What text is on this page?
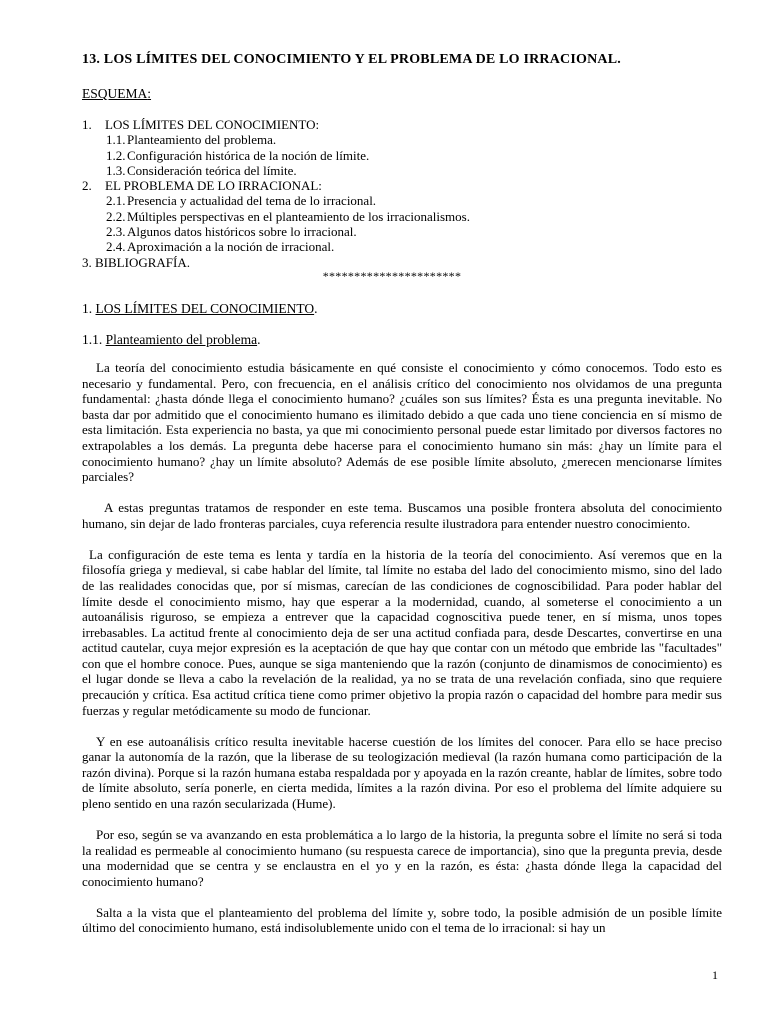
13. LOS LÍMITES DEL CONOCIMIENTO Y EL PROBLEMA DE LO IRRACIONAL.
ESQUEMA:
1. LOS LÍMITES DEL CONOCIMIENTO:
1.1. Planteamiento del problema.
1.2. Configuración histórica de la noción de límite.
1.3. Consideración teórica del límite.
2. EL PROBLEMA DE LO IRRACIONAL:
2.1. Presencia y actualidad del tema de lo irracional.
2.2. Múltiples perspectivas en el planteamiento de los irracionalismos.
2.3. Algunos datos históricos sobre lo irracional.
2.4. Aproximación a la noción de irracional.
3. BIBLIOGRAFÍA.
**********************
1. LOS LÍMITES DEL CONOCIMIENTO.
1.1. Planteamiento del problema.

La teoría del conocimiento estudia básicamente en qué consiste el conocimiento y cómo conocemos. Todo esto es necesario y fundamental. Pero, con frecuencia, en el análisis crítico del conocimiento nos olvidamos de una pregunta fundamental: ¿hasta dónde llega el conocimiento humano? ¿cuáles son sus límites? Ésta es una pregunta inevitable. No basta dar por admitido que el conocimiento humano es ilimitado debido a que cada uno tiene conciencia en sí mismo de esta limitación. Esta experiencia no basta, ya que mi conocimiento personal puede estar limitado por diversos factores no extrapolables a los demás. La pregunta debe hacerse para el conocimiento humano sin más: ¿hay un límite para el conocimiento humano? ¿hay un límite absoluto? Además de ese posible límite absoluto, ¿merecen mencionarse límites parciales?

A estas preguntas tratamos de responder en este tema. Buscamos una posible frontera absoluta del conocimiento humano, sin dejar de lado fronteras parciales, cuya referencia resulte ilustradora para entender nuestro conocimiento.

La configuración de este tema es lenta y tardía en la historia de la teoría del conocimiento. Así veremos que en la filosofía griega y medieval, si cabe hablar del límite, tal límite no estaba del lado del conocimiento mismo, sino del lado de las realidades conocidas que, por sí mismas, carecían de las condiciones de cognoscibilidad. Para poder hablar del límite desde el conocimiento mismo, hay que esperar a la modernidad, cuando, al someterse el conocimiento a un autoanálisis riguroso, se empieza a entrever que la capacidad cognoscitiva puede tener, en sí misma, unos topes irrebasables. La actitud frente al conocimiento deja de ser una actitud confiada para, desde Descartes, convertirse en una actitud cautelar, cuya mejor expresión es la aceptación de que hay que contar con un método que embride las "facultades" con que el hombre conoce. Pues, aunque se siga manteniendo que la razón (conjunto de dinamismos de conocimiento) es el lugar donde se lleva a cabo la revelación de la realidad, ya no se trata de una revelación confiada, sino que requiere precaución y crítica. Esa actitud crítica tiene como primer objetivo la propia razón o capacidad del hombre para medir sus fuerzas y regular metódicamente su modo de funcionar.

Y en ese autoanálisis crítico resulta inevitable hacerse cuestión de los límites del conocer. Para ello se hace preciso ganar la autonomía de la razón, que la liberase de su teologización medieval (la razón humana como participación de la razón divina). Porque si la razón humana estaba respaldada por y apoyada en la razón creante, hablar de límites, sobre todo de límite absoluto, sería ponerle, en cierta medida, límites a la razón divina. Por eso el problema del límite adquiere su pleno sentido en una razón secularizada (Hume).

Por eso, según se va avanzando en esta problemática a lo largo de la historia, la pregunta sobre el límite no será si toda la realidad es permeable al conocimiento humano (su respuesta carece de importancia), sino que la pregunta previa, desde una modernidad que se centra y se enclaustra en el yo y en la razón, es ésta: ¿hasta dónde llega la capacidad del conocimiento humano?

Salta a la vista que el planteamiento del problema del límite y, sobre todo, la posible admisión de un posible límite último del conocimiento humano, está indisolublemente unido con el tema de lo irracional: si hay un

1
